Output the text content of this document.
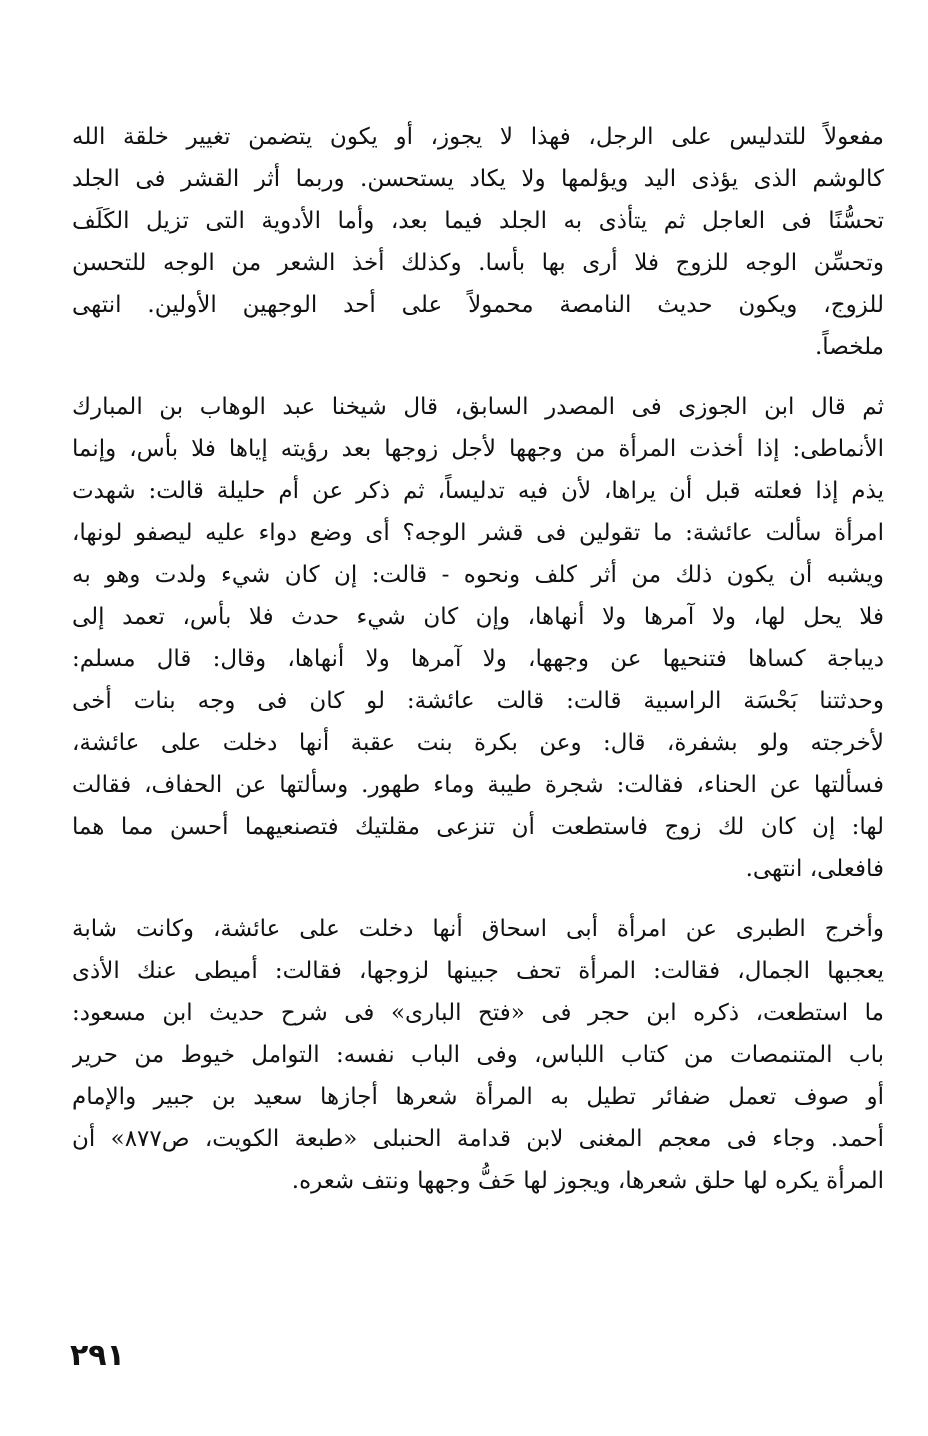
مفعولاً للتدليس على الرجل، فهذا لا يجوز، أو يكون يتضمن تغيير خلقة الله
كالوشم الذى يؤذى اليد ويؤلمها ولا يكاد يستحسن. وربما أثر القشر فى الجلد
تحسُّنًا فى العاجل ثم يتأذى به الجلد فيما بعد، وأما الأدوية التى تزيل الكَلَف
وتحسِّن الوجه للزوج فلا أرى بها بأسا. وكذلك أخذ الشعر من الوجه للتحسن
للزوج، ويكون حديث النامصة محمولاً على أحد الوجهين الأولين. انتهى
ملخصاً.
ثم قال ابن الجوزى فى المصدر السابق، قال شيخنا عبد الوهاب بن المبارك
الأنماطى: إذا أخذت المرأة من وجهها لأجل زوجها بعد رؤيته إياها فلا بأس، وإنما
يذم إذا فعلته قبل أن يراها، لأن فيه تدليساً، ثم ذكر عن أم حليلة قالت: شهدت
امرأة سألت عائشة: ما تقولين فى قشر الوجه؟ أى وضع دواء عليه ليصفو لونها،
ويشبه أن يكون ذلك من أثر كلف ونحوه - قالت: إن كان شيء ولدت وهو به
فلا يحل لها، ولا آمرها ولا أنهاها، وإن كان شيء حدث فلا بأس، تعمد إلى
ديباجة كساها فتنحيها عن وجهها، ولا آمرها ولا أنهاها، وقال: قال مسلم:
وحدثتنا بَحْسَة الراسبية قالت: قالت عائشة: لو كان فى وجه بنات أخى
لأخرجته ولو بشفرة، قال: وعن بكرة بنت عقبة أنها دخلت على عائشة،
فسألتها عن الحناء، فقالت: شجرة طيبة وماء طهور. وسألتها عن الحفاف، فقالت
لها: إن كان لك زوج فاستطعت أن تنزعى مقلتيك فتصنعيهما أحسن مما هما
فافعلى، انتهى.
وأخرج الطبرى عن امرأة أبى اسحاق أنها دخلت على عائشة، وكانت شابة
يعجبها الجمال، فقالت: المرأة تحف جبينها لزوجها، فقالت: أميطى عنك الأذى
ما استطعت، ذكره ابن حجر فى «فتح البارى» فى شرح حديث ابن مسعود:
باب المتنمصات من كتاب اللباس، وفى الباب نفسه: التوامل خيوط من حرير
أو صوف تعمل ضفائر تطيل به المرأة شعرها أجازها سعيد بن جبير والإمام
أحمد. وجاء فى معجم المغنى لابن قدامة الحنبلى «طبعة الكويت، ص٨٧٧» أن
المرأة يكره لها حلق شعرها، ويجوز لها حَفُّ وجهها ونتف شعره.
٢٩١
